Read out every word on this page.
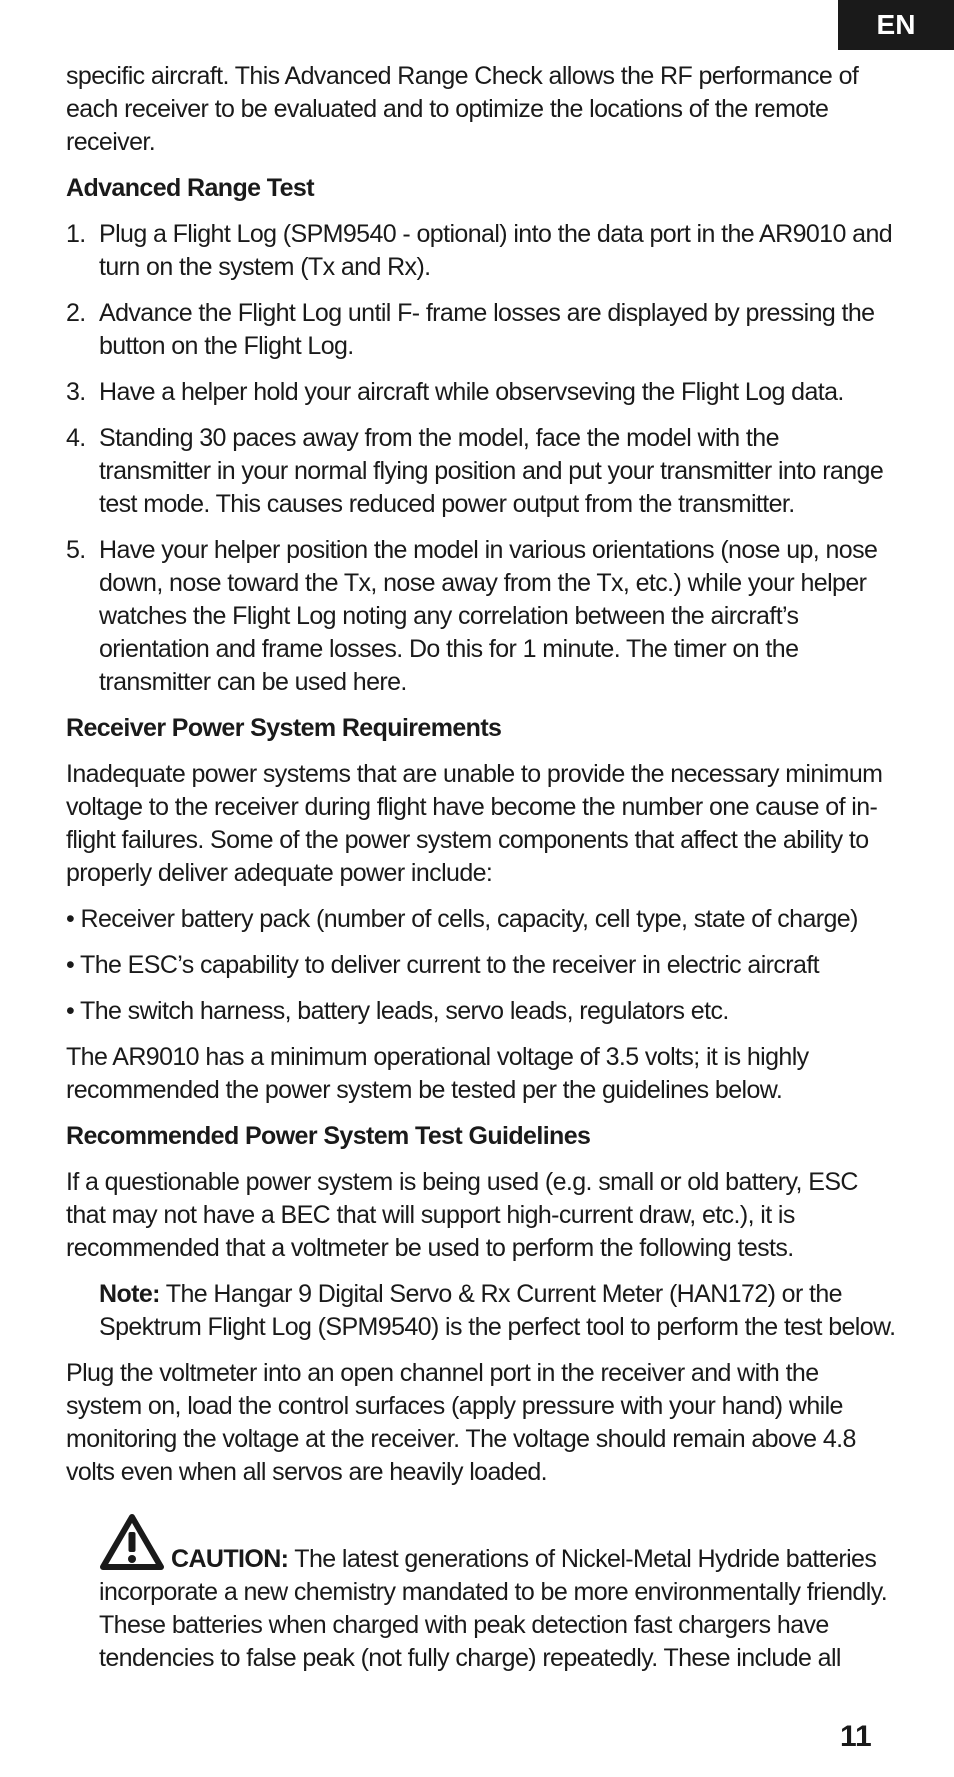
EN

specific aircraft. This Advanced Range Check allows the RF performance of each receiver to be evaluated and to optimize the locations of the remote receiver.

Advanced Range Test

1. Plug a Flight Log (SPM9540 - optional) into the data port in the AR9010 and turn on the system (Tx and Rx).
2. Advance the Flight Log until F- frame losses are displayed by pressing the button on the Flight Log.
3. Have a helper hold your aircraft while observseving the Flight Log data.
4. Standing 30 paces away from the model, face the model with the transmitter in your normal flying position and put your transmitter into range test mode. This causes reduced power output from the transmitter.
5. Have your helper position the model in various orientations (nose up, nose down, nose toward the Tx, nose away from the Tx, etc.) while your helper watches the Flight Log noting any correlation between the aircraft’s orientation and frame losses. Do this for 1 minute. The timer on the transmitter can be used here.

Receiver Power System Requirements

Inadequate power systems that are unable to provide the necessary minimum voltage to the receiver during flight have become the number one cause of in-flight failures. Some of the power system components that affect the ability to properly deliver adequate power include:

• Receiver battery pack (number of cells, capacity, cell type, state of charge)
• The ESC’s capability to deliver current to the receiver in electric aircraft
• The switch harness, battery leads, servo leads, regulators etc.

The AR9010 has a minimum operational voltage of 3.5 volts; it is highly recommended the power system be tested per the guidelines below.

Recommended Power System Test Guidelines

If a questionable power system is being used (e.g. small or old battery, ESC that may not have a BEC that will support high-current draw, etc.), it is recommended that a voltmeter be used to perform the following tests.

Note: The Hangar 9 Digital Servo & Rx Current Meter (HAN172) or the Spektrum Flight Log (SPM9540) is the perfect tool to perform the test below.

Plug the voltmeter into an open channel port in the receiver and with the system on, load the control surfaces (apply pressure with your hand) while monitoring the voltage at the receiver. The voltage should remain above 4.8 volts even when all servos are heavily loaded.

CAUTION: The latest generations of Nickel-Metal Hydride batteries incorporate a new chemistry mandated to be more environmentally friendly. These batteries when charged with peak detection fast chargers have tendencies to false peak (not fully charge) repeatedly. These include all

11
